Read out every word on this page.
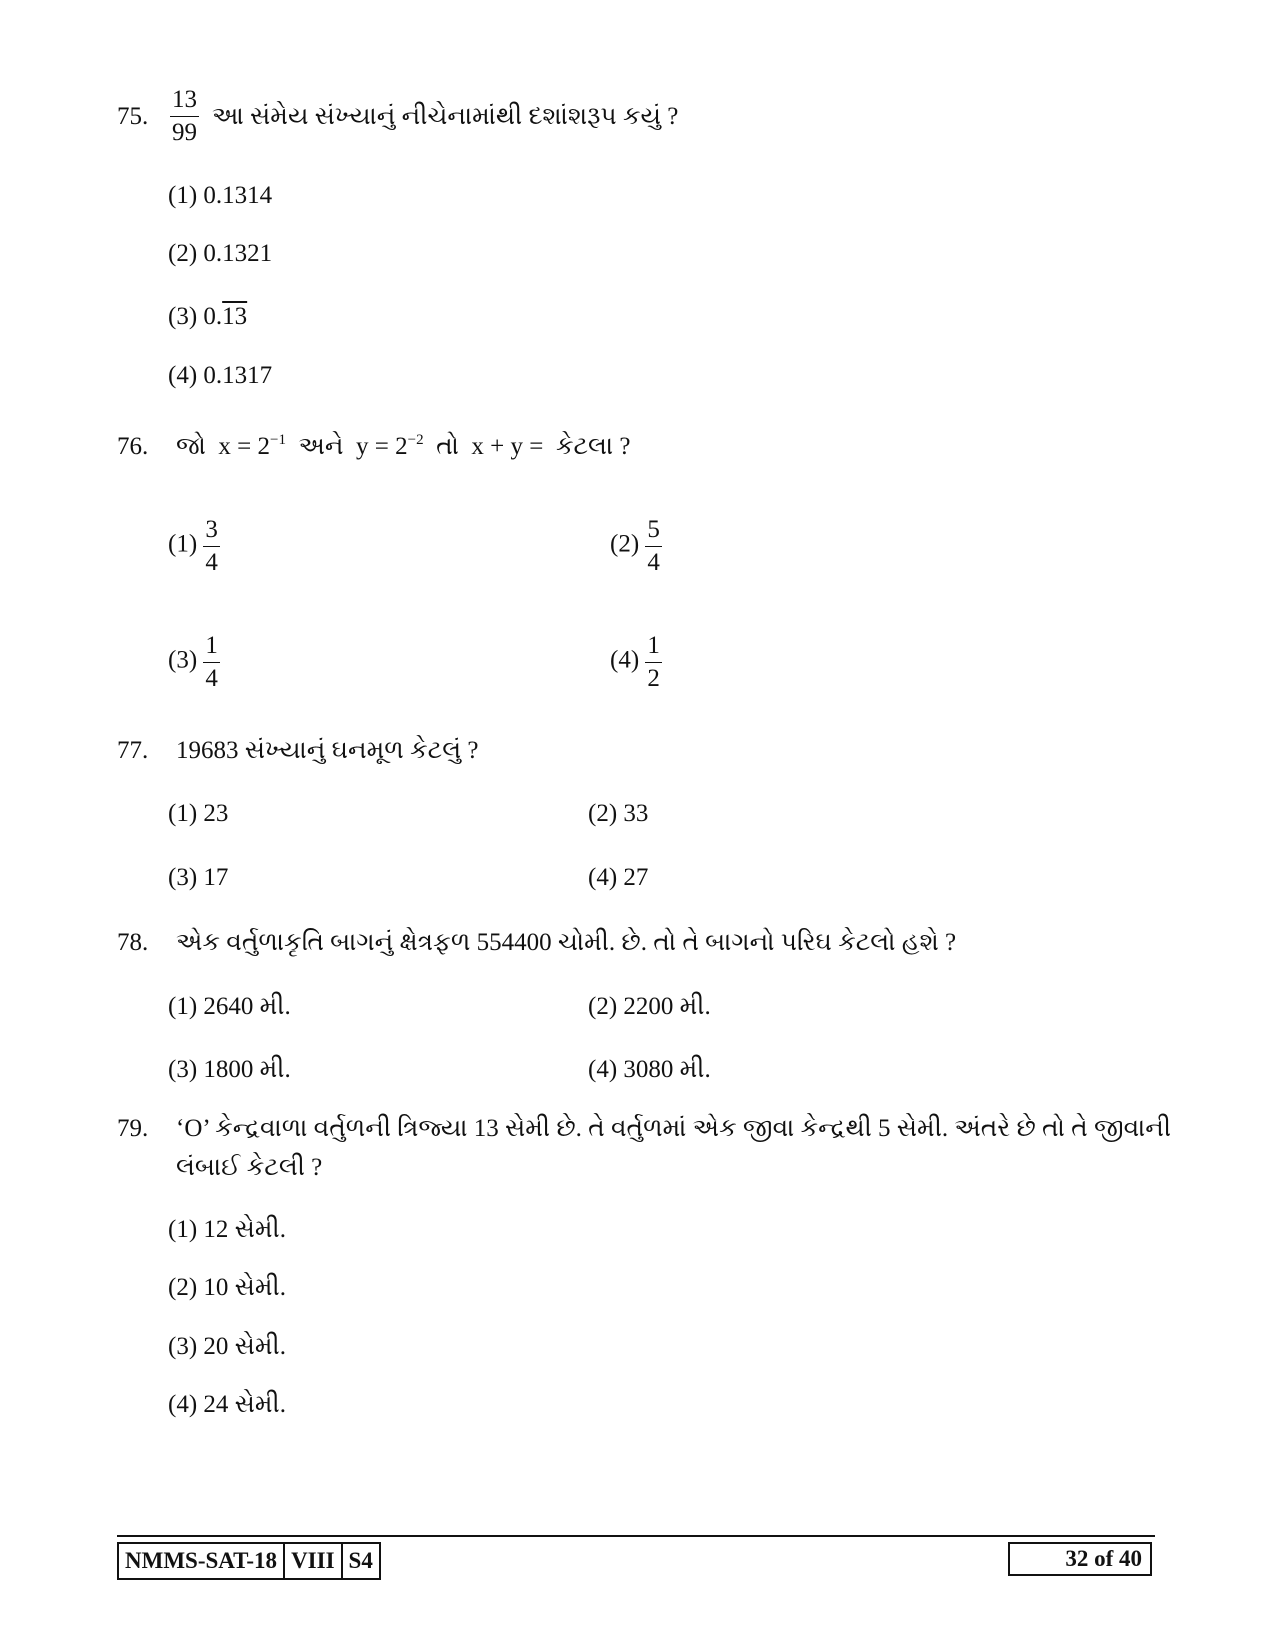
75. $\frac{13}{99}$ આ સંમેય સંખ્યાનું નીચેનામાંથી દશાંશરૂપ કયું ?
(1) 0.1314
(2) 0.1321
(3) 0.13
(4) 0.1317
76. જો $x = 2^{-1}$ અને $y = 2^{-2}$ તો x + y = કેટલા ?
$(1) \frac{3}{4}$	$(2) \frac{5}{4}$
$(3) \frac{1}{4}$	$(4) \frac{1}{2}$
77. 19683 સંખ્યાનું ઘનમૂળ કેટલું ?
(1) 23	(2) 33
(3) 17	(4) 27
78. એક વર્તુળાકૃતિ બાગનું ક્ષેત્રફળ 554400 ચોમી. છે. તો તે બાગનો પરિઘ કેટલો હશે ?
(1) 2640 મી.	(2) 2200 મી.
(3) 1800 મી.	(4) 3080 મી.
79. ‘O’ કેન્દ્રવાળા વર્તુળની ત્રિજ્યા 13 સેમી છે. તે વર્તુળમાં એક જીવા કેન્દ્રથી 5 સેમી. અંતરે છે તો તે જીવાની
લંબાઈ કેટલી ?
(1) 12 સેમી.
(2) 10 સેમી.
(3) 20 સેમી.
(4) 24 સેમી.
NMMS-SAT-18 VIII S4	32 of 40
